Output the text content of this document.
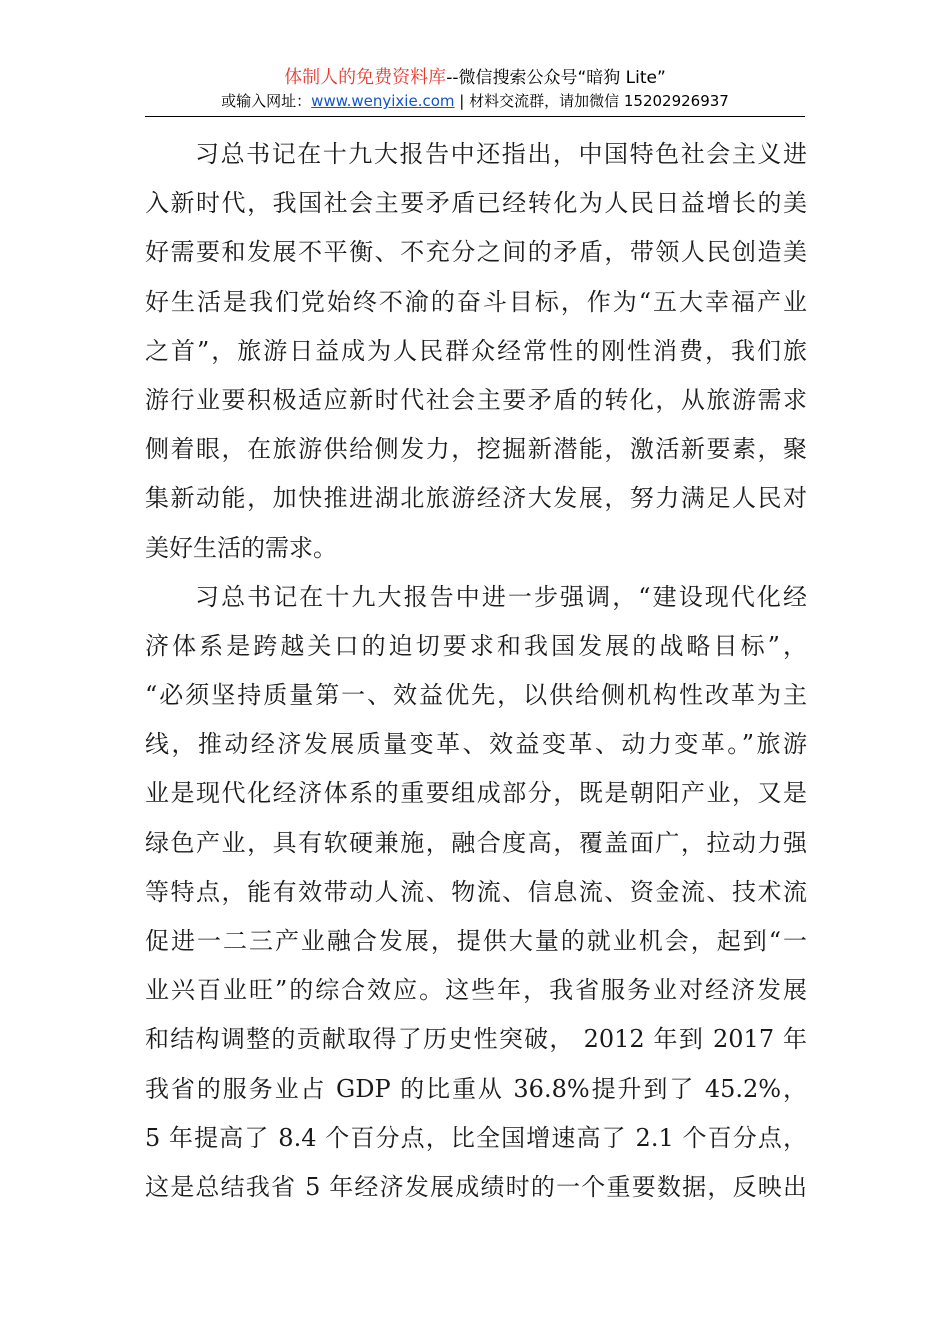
体制人的免费资料库--微信搜索公众号“暗狗 Lite”
或输入网址：www.wenyixie.com | 材料交流群，请加微信 15202926937
习总书记在十九大报告中还指出，中国特色社会主义进
入新时代，我国社会主要矛盾已经转化为人民日益增长的美
好需要和发展不平衡、不充分之间的矛盾，带领人民创造美
好生活是我们党始终不渝的奋斗目标，作为“五大幸福产业
之首”，旅游日益成为人民群众经常性的刚性消费，我们旅
游行业要积极适应新时代社会主要矛盾的转化，从旅游需求
侧着眼，在旅游供给侧发力，挖掘新潜能，激活新要素，聚
集新动能，加快推进湖北旅游经济大发展，努力满足人民对
美好生活的需求。
习总书记在十九大报告中进一步强调，“建设现代化经
济体系是跨越关口的迫切要求和我国发展的战略目标”，
“必须坚持质量第一、效益优先，以供给侧机构性改革为主
线，推动经济发展质量变革、效益变革、动力变革。”旅游
业是现代化经济体系的重要组成部分，既是朝阳产业，又是
绿色产业，具有软硬兼施，融合度高，覆盖面广，拉动力强
等特点，能有效带动人流、物流、信息流、资金流、技术流
促进一二三产业融合发展，提供大量的就业机会，起到“一
业兴百业旺”的综合效应。这些年，我省服务业对经济发展
和结构调整的贡献取得了历史性突破， 2012 年到 2017 年
我省的服务业占 GDP 的比重从 36.8%提升到了 45.2%，
5 年提高了 8.4 个百分点，比全国增速高了 2.1 个百分点，
这是总结我省 5 年经济发展成绩时的一个重要数据，反映出
